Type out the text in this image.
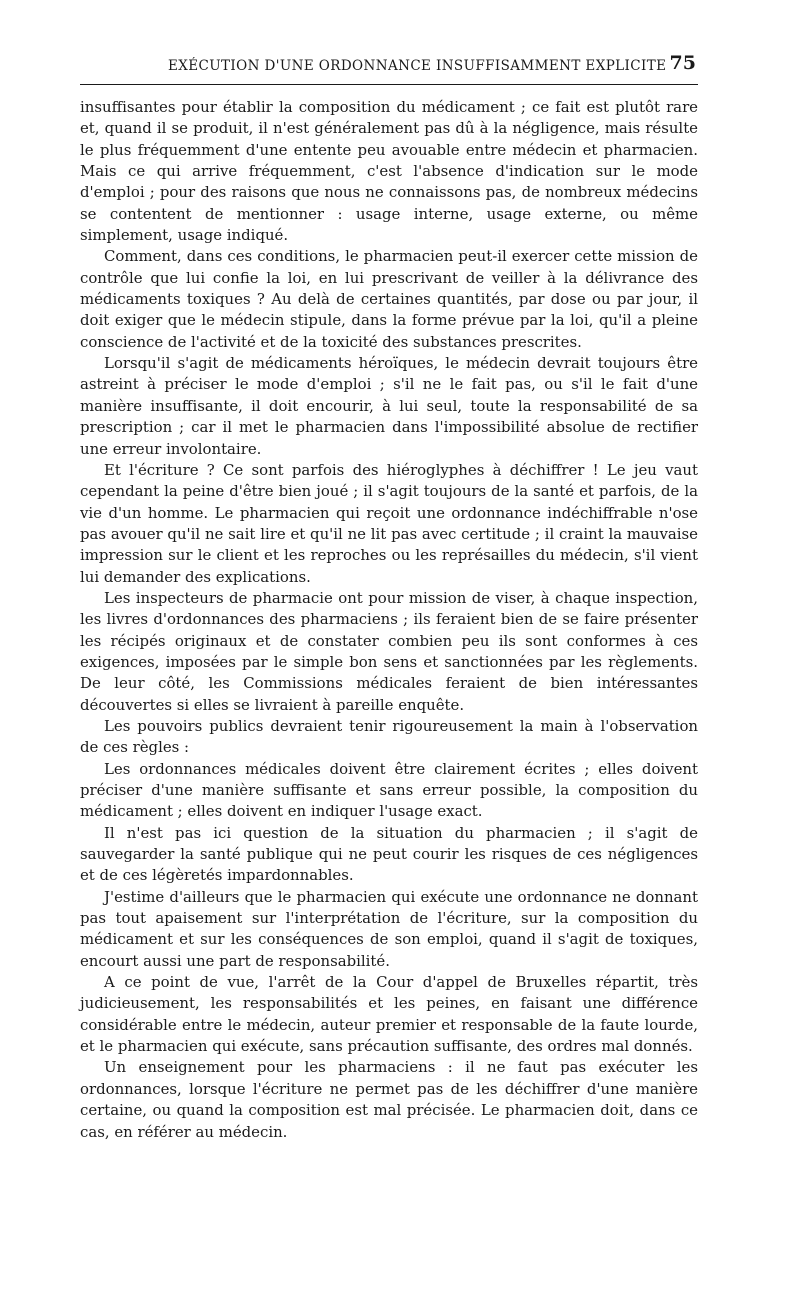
EXÉCUTION D'UNE ORDONNANCE INSUFFISAMMENT EXPLICITE 75

insuffisantes pour établir la composition du médicament ; ce fait est plutôt rare et, quand il se produit, il n'est généralement pas dû à la négligence, mais résulte le plus fréquemment d'une entente peu avouable entre médecin et pharmacien. Mais ce qui arrive fréquemment, c'est l'absence d'indication sur le mode d'emploi ; pour des raisons que nous ne connaissons pas, de nombreux médecins se contentent de mentionner : usage interne, usage externe, ou même simplement, usage indiqué.

Comment, dans ces conditions, le pharmacien peut-il exercer cette mission de contrôle que lui confie la loi, en lui prescrivant de veiller à la délivrance des médicaments toxiques ? Au delà de certaines quantités, par dose ou par jour, il doit exiger que le médecin stipule, dans la forme prévue par la loi, qu'il a pleine conscience de l'activité et de la toxicité des substances prescrites.

Lorsqu'il s'agit de médicaments héroïques, le médecin devrait toujours être astreint à préciser le mode d'emploi ; s'il ne le fait pas, ou s'il le fait d'une manière insuffisante, il doit encourir, à lui seul, toute la responsabilité de sa prescription ; car il met le pharmacien dans l'impossibilité absolue de rectifier une erreur involontaire.

Et l'écriture ? Ce sont parfois des hiéroglyphes à déchiffrer ! Le jeu vaut cependant la peine d'être bien joué ; il s'agit toujours de la santé et parfois, de la vie d'un homme. Le pharmacien qui reçoit une ordonnance indéchiffrable n'ose pas avouer qu'il ne sait lire et qu'il ne lit pas avec certitude ; il craint la mauvaise impression sur le client et les reproches ou les représailles du médecin, s'il vient lui demander des explications.

Les inspecteurs de pharmacie ont pour mission de viser, à chaque inspection, les livres d'ordonnances des pharmaciens ; ils feraient bien de se faire présenter les récipés originaux et de constater combien peu ils sont conformes à ces exigences, imposées par le simple bon sens et sanctionnées par les règlements. De leur côté, les Commissions médicales feraient de bien intéressantes découvertes si elles se livraient à pareille enquête.

Les pouvoirs publics devraient tenir rigoureusement la main à l'observation de ces règles :

Les ordonnances médicales doivent être clairement écrites ; elles doivent préciser d'une manière suffisante et sans erreur possible, la composition du médicament ; elles doivent en indiquer l'usage exact.

Il n'est pas ici question de la situation du pharmacien ; il s'agit de sauvegarder la santé publique qui ne peut courir les risques de ces négligences et de ces légèretés impardonnables.

J'estime d'ailleurs que le pharmacien qui exécute une ordonnance ne donnant pas tout apaisement sur l'interprétation de l'écriture, sur la composition du médicament et sur les conséquences de son emploi, quand il s'agit de toxiques, encourt aussi une part de responsabilité.

A ce point de vue, l'arrêt de la Cour d'appel de Bruxelles répartit, très judicieusement, les responsabilités et les peines, en faisant une différence considérable entre le médecin, auteur premier et responsable de la faute lourde, et le pharmacien qui exécute, sans précaution suffisante, des ordres mal donnés.

Un enseignement pour les pharmaciens : il ne faut pas exécuter les ordonnances, lorsque l'écriture ne permet pas de les déchiffrer d'une manière certaine, ou quand la composition est mal précisée. Le pharmacien doit, dans ce cas, en référer au médecin.
